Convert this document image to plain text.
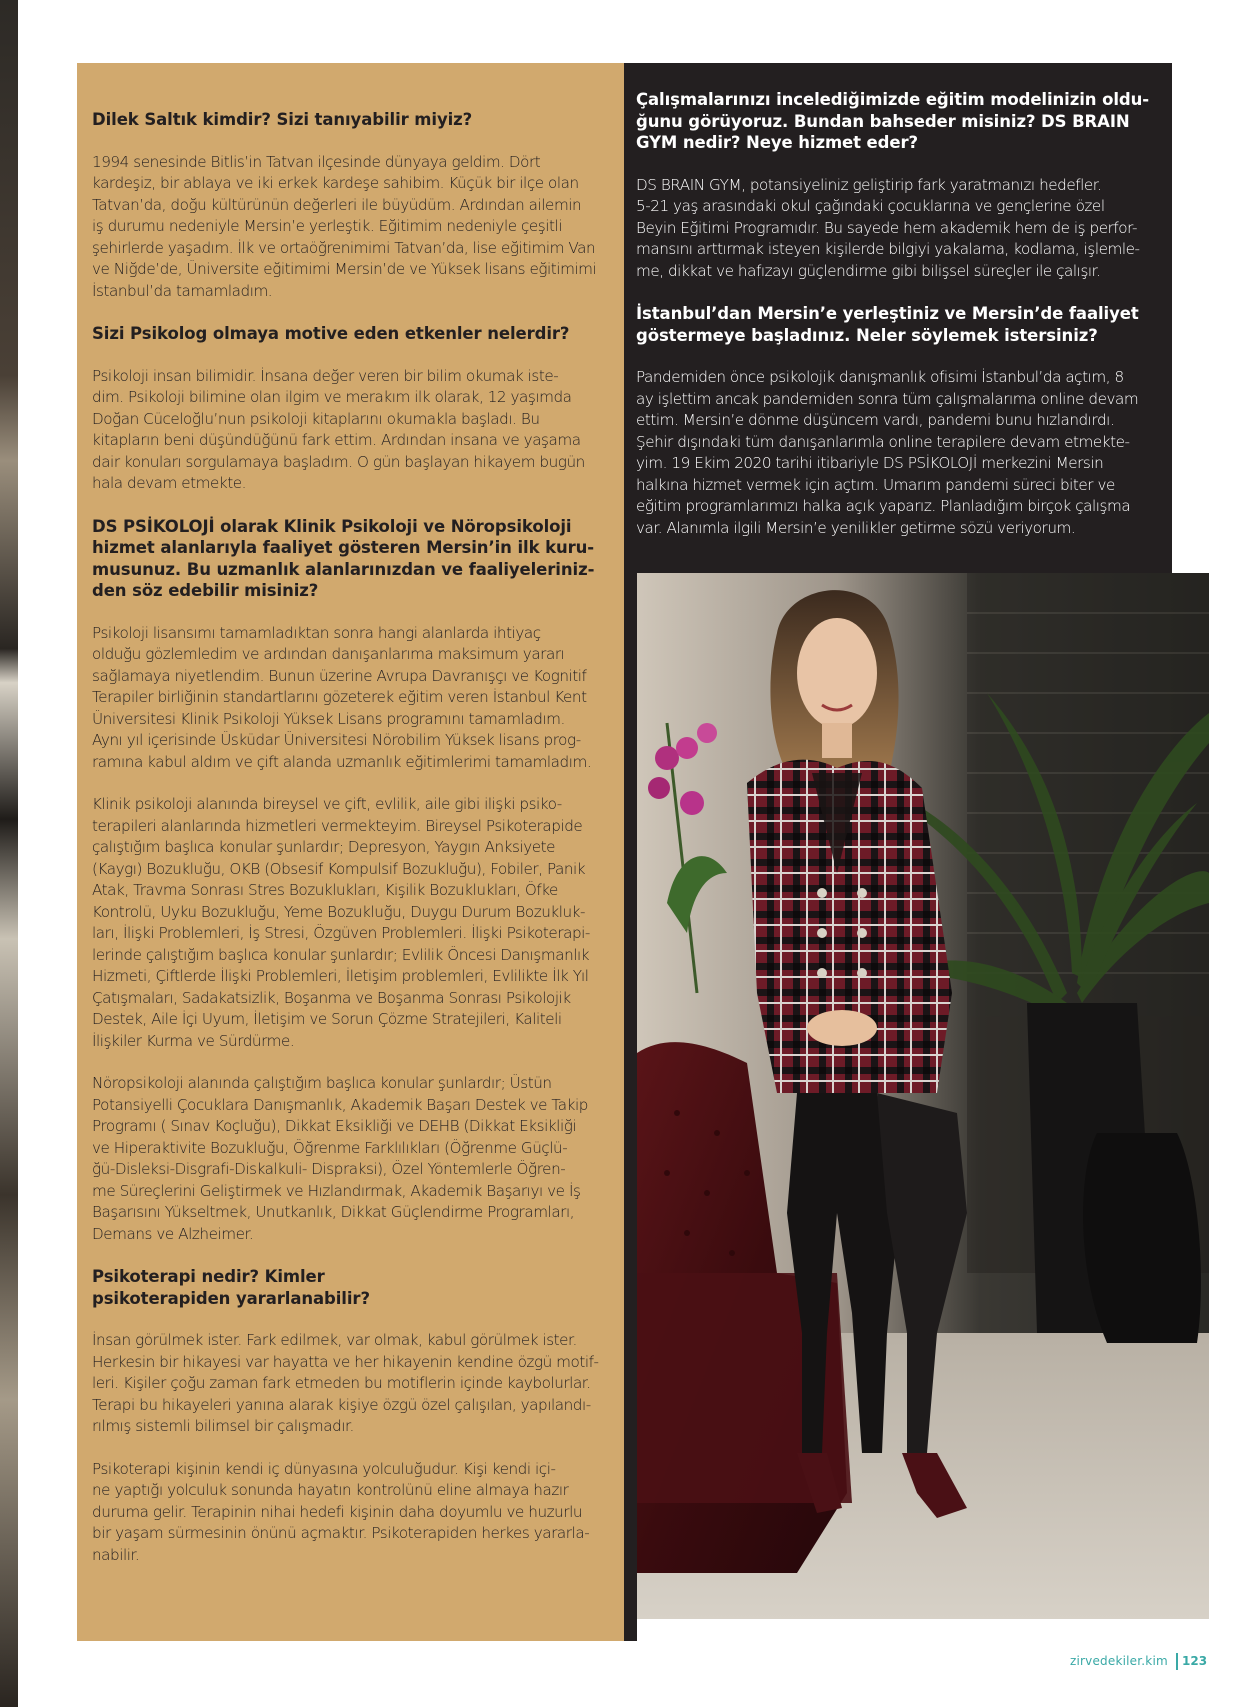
Dilek Saltık kimdir? Sizi tanıyabilir miyiz?
1994 senesinde Bitlis’in Tatvan ilçesinde dünyaya geldim. Dört
kardeşiz, bir ablaya ve iki erkek kardeşe sahibim. Küçük bir ilçe olan
Tatvan’da, doğu kültürünün değerleri ile büyüdüm. Ardından ailemin
iş durumu nedeniyle Mersin’e yerleştik. Eğitimim nedeniyle çeşitli
şehirlerde yaşadım. İlk ve ortaöğrenimimi Tatvan’da, lise eğitimim Van
ve Niğde’de, Üniversite eğitimimi Mersin’de ve Yüksek lisans eğitimimi
İstanbul’da tamamladım.
Sizi Psikolog olmaya motive eden etkenler nelerdir?
Psikoloji insan bilimidir. İnsana değer veren bir bilim okumak iste-
dim. Psikoloji bilimine olan ilgim ve merakım ilk olarak, 12 yaşımda
Doğan Cüceloğlu’nun psikoloji kitaplarını okumakla başladı. Bu
kitapların beni düşündüğünü fark ettim. Ardından insana ve yaşama
dair konuları sorgulamaya başladım. O gün başlayan hikayem bugün
hala devam etmekte.
DS PSİKOLOJİ olarak Klinik Psikoloji ve Nöropsikoloji
hizmet alanlarıyla faaliyet gösteren Mersin’in ilk kuru-
musunuz. Bu uzmanlık alanlarınızdan ve faaliyeleriniz-
den söz edebilir misiniz?
Psikoloji lisansımı tamamladıktan sonra hangi alanlarda ihtiyaç
olduğu gözlemledim ve ardından danışanlarıma maksimum yararı
sağlamaya niyetlendim. Bunun üzerine Avrupa Davranışçı ve Kognitif
Terapiler birliğinin standartlarını gözeterek eğitim veren İstanbul Kent
Üniversitesi Klinik Psikoloji Yüksek Lisans programını tamamladım.
Aynı yıl içerisinde Üsküdar Üniversitesi Nörobilim Yüksek lisans prog-
ramına kabul aldım ve çift alanda uzmanlık eğitimlerimi tamamladım.
Klinik psikoloji alanında bireysel ve çift, evlilik, aile gibi ilişki psiko-
terapileri alanlarında hizmetleri vermekteyim. Bireysel Psikoterapide
çalıştığım başlıca konular şunlardır; Depresyon, Yaygın Anksiyete
(Kaygı) Bozukluğu, OKB (Obsesif Kompulsif Bozukluğu), Fobiler, Panik
Atak, Travma Sonrası Stres Bozuklukları, Kişilik Bozuklukları, Öfke
Kontrolü, Uyku Bozukluğu, Yeme Bozukluğu, Duygu Durum Bozukluk-
ları, İlişki Problemleri, İş Stresi, Özgüven Problemleri. İlişki Psikoterapi-
lerinde çalıştığım başlıca konular şunlardır; Evlilik Öncesi Danışmanlık
Hizmeti, Çiftlerde İlişki Problemleri, İletişim problemleri, Evlilikte İlk Yıl
Çatışmaları, Sadakatsizlik, Boşanma ve Boşanma Sonrası Psikolojik
Destek, Aile İçi Uyum, İletişim ve Sorun Çözme Stratejileri, Kaliteli
İlişkiler Kurma ve Sürdürme.
Nöropsikoloji alanında çalıştığım başlıca konular şunlardır; Üstün
Potansiyelli Çocuklara Danışmanlık, Akademik Başarı Destek ve Takip
Programı ( Sınav Koçluğu), Dikkat Eksikliği ve DEHB (Dikkat Eksikliği
ve Hiperaktivite Bozukluğu, Öğrenme Farklılıkları (Öğrenme Güçlü-
ğü-Disleksi-Disgrafi-Diskalkuli- Dispraksi), Özel Yöntemlerle Öğren-
me Süreçlerini Geliştirmek ve Hızlandırmak, Akademik Başarıyı ve İş
Başarısını Yükseltmek, Unutkanlık, Dikkat Güçlendirme Programları,
Demans ve Alzheimer.
Psikoterapi nedir? Kimler
psikoterapiden yararlanabilir?
İnsan görülmek ister. Fark edilmek, var olmak, kabul görülmek ister.
Herkesin bir hikayesi var hayatta ve her hikayenin kendine özgü motif-
leri. Kişiler çoğu zaman fark etmeden bu motiflerin içinde kaybolurlar.
Terapi bu hikayeleri yanına alarak kişiye özgü özel çalışılan, yapılandı-
rılmış sistemli bilimsel bir çalışmadır.
Psikoterapi kişinin kendi iç dünyasına yolculuğudur. Kişi kendi içi-
ne yaptığı yolculuk sonunda hayatın kontrolünü eline almaya hazır
duruma gelir. Terapinin nihai hedefi kişinin daha doyumlu ve huzurlu
bir yaşam sürmesinin önünü açmaktır. Psikoterapiden herkes yararla-
nabilir.
Çalışmalarınızı incelediğimizde eğitim modelinizin oldu-
ğunu görüyoruz. Bundan bahseder misiniz? DS BRAIN
GYM nedir? Neye hizmet eder?
DS BRAIN GYM, potansiyeliniz geliştirip fark yaratmanızı hedefler.
5-21 yaş arasındaki okul çağındaki çocuklarına ve gençlerine özel
Beyin Eğitimi Programıdır. Bu sayede hem akademik hem de iş perfor-
mansını arttırmak isteyen kişilerde bilgiyi yakalama, kodlama, işlemle-
me, dikkat ve hafızayı güçlendirme gibi bilişsel süreçler ile çalışır.
İstanbul’dan Mersin’e yerleştiniz ve Mersin’de faaliyet
göstermeye başladınız. Neler söylemek istersiniz?
Pandemiden önce psikolojik danışmanlık ofisimi İstanbul’da açtım, 8
ay işlettim ancak pandemiden sonra tüm çalışmalarıma online devam
ettim. Mersin’e dönme düşüncem vardı, pandemi bunu hızlandırdı.
Şehir dışındaki tüm danışanlarımla online terapilere devam etmekte-
yim. 19 Ekim 2020 tarihi itibariyle DS PSİKOLOJİ merkezini Mersin
halkına hizmet vermek için açtım. Umarım pandemi süreci biter ve
eğitim programlarımızı halka açık yaparız. Planladığım birçok çalışma
var. Alanımla ilgili Mersin’e yenilikler getirme sözü veriyorum.
zirvedekiler.kim 123
